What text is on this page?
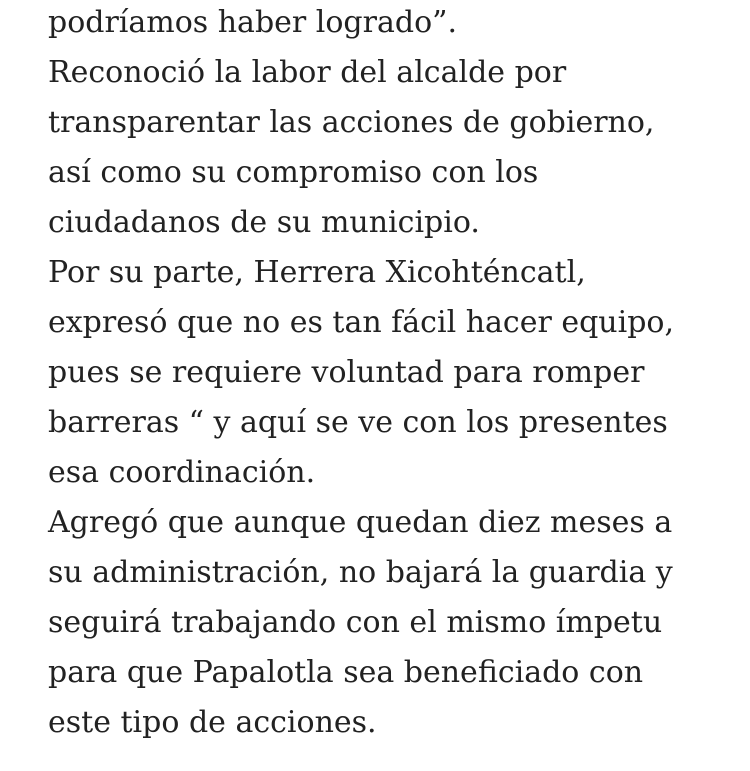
podríamos haber logrado”.
Reconoció la labor del alcalde por
transparentar las acciones de gobierno,
así como su compromiso con los
ciudadanos de su municipio.
Por su parte, Herrera Xicohténcatl,
expresó que no es tan fácil hacer equipo,
pues se requiere voluntad para romper
barreras “ y aquí se ve con los presentes
esa coordinación.
Agregó que aunque quedan diez meses a
su administración, no bajará la guardia y
seguirá trabajando con el mismo ímpetu
para que Papalotla sea beneficiado con
este tipo de acciones.
